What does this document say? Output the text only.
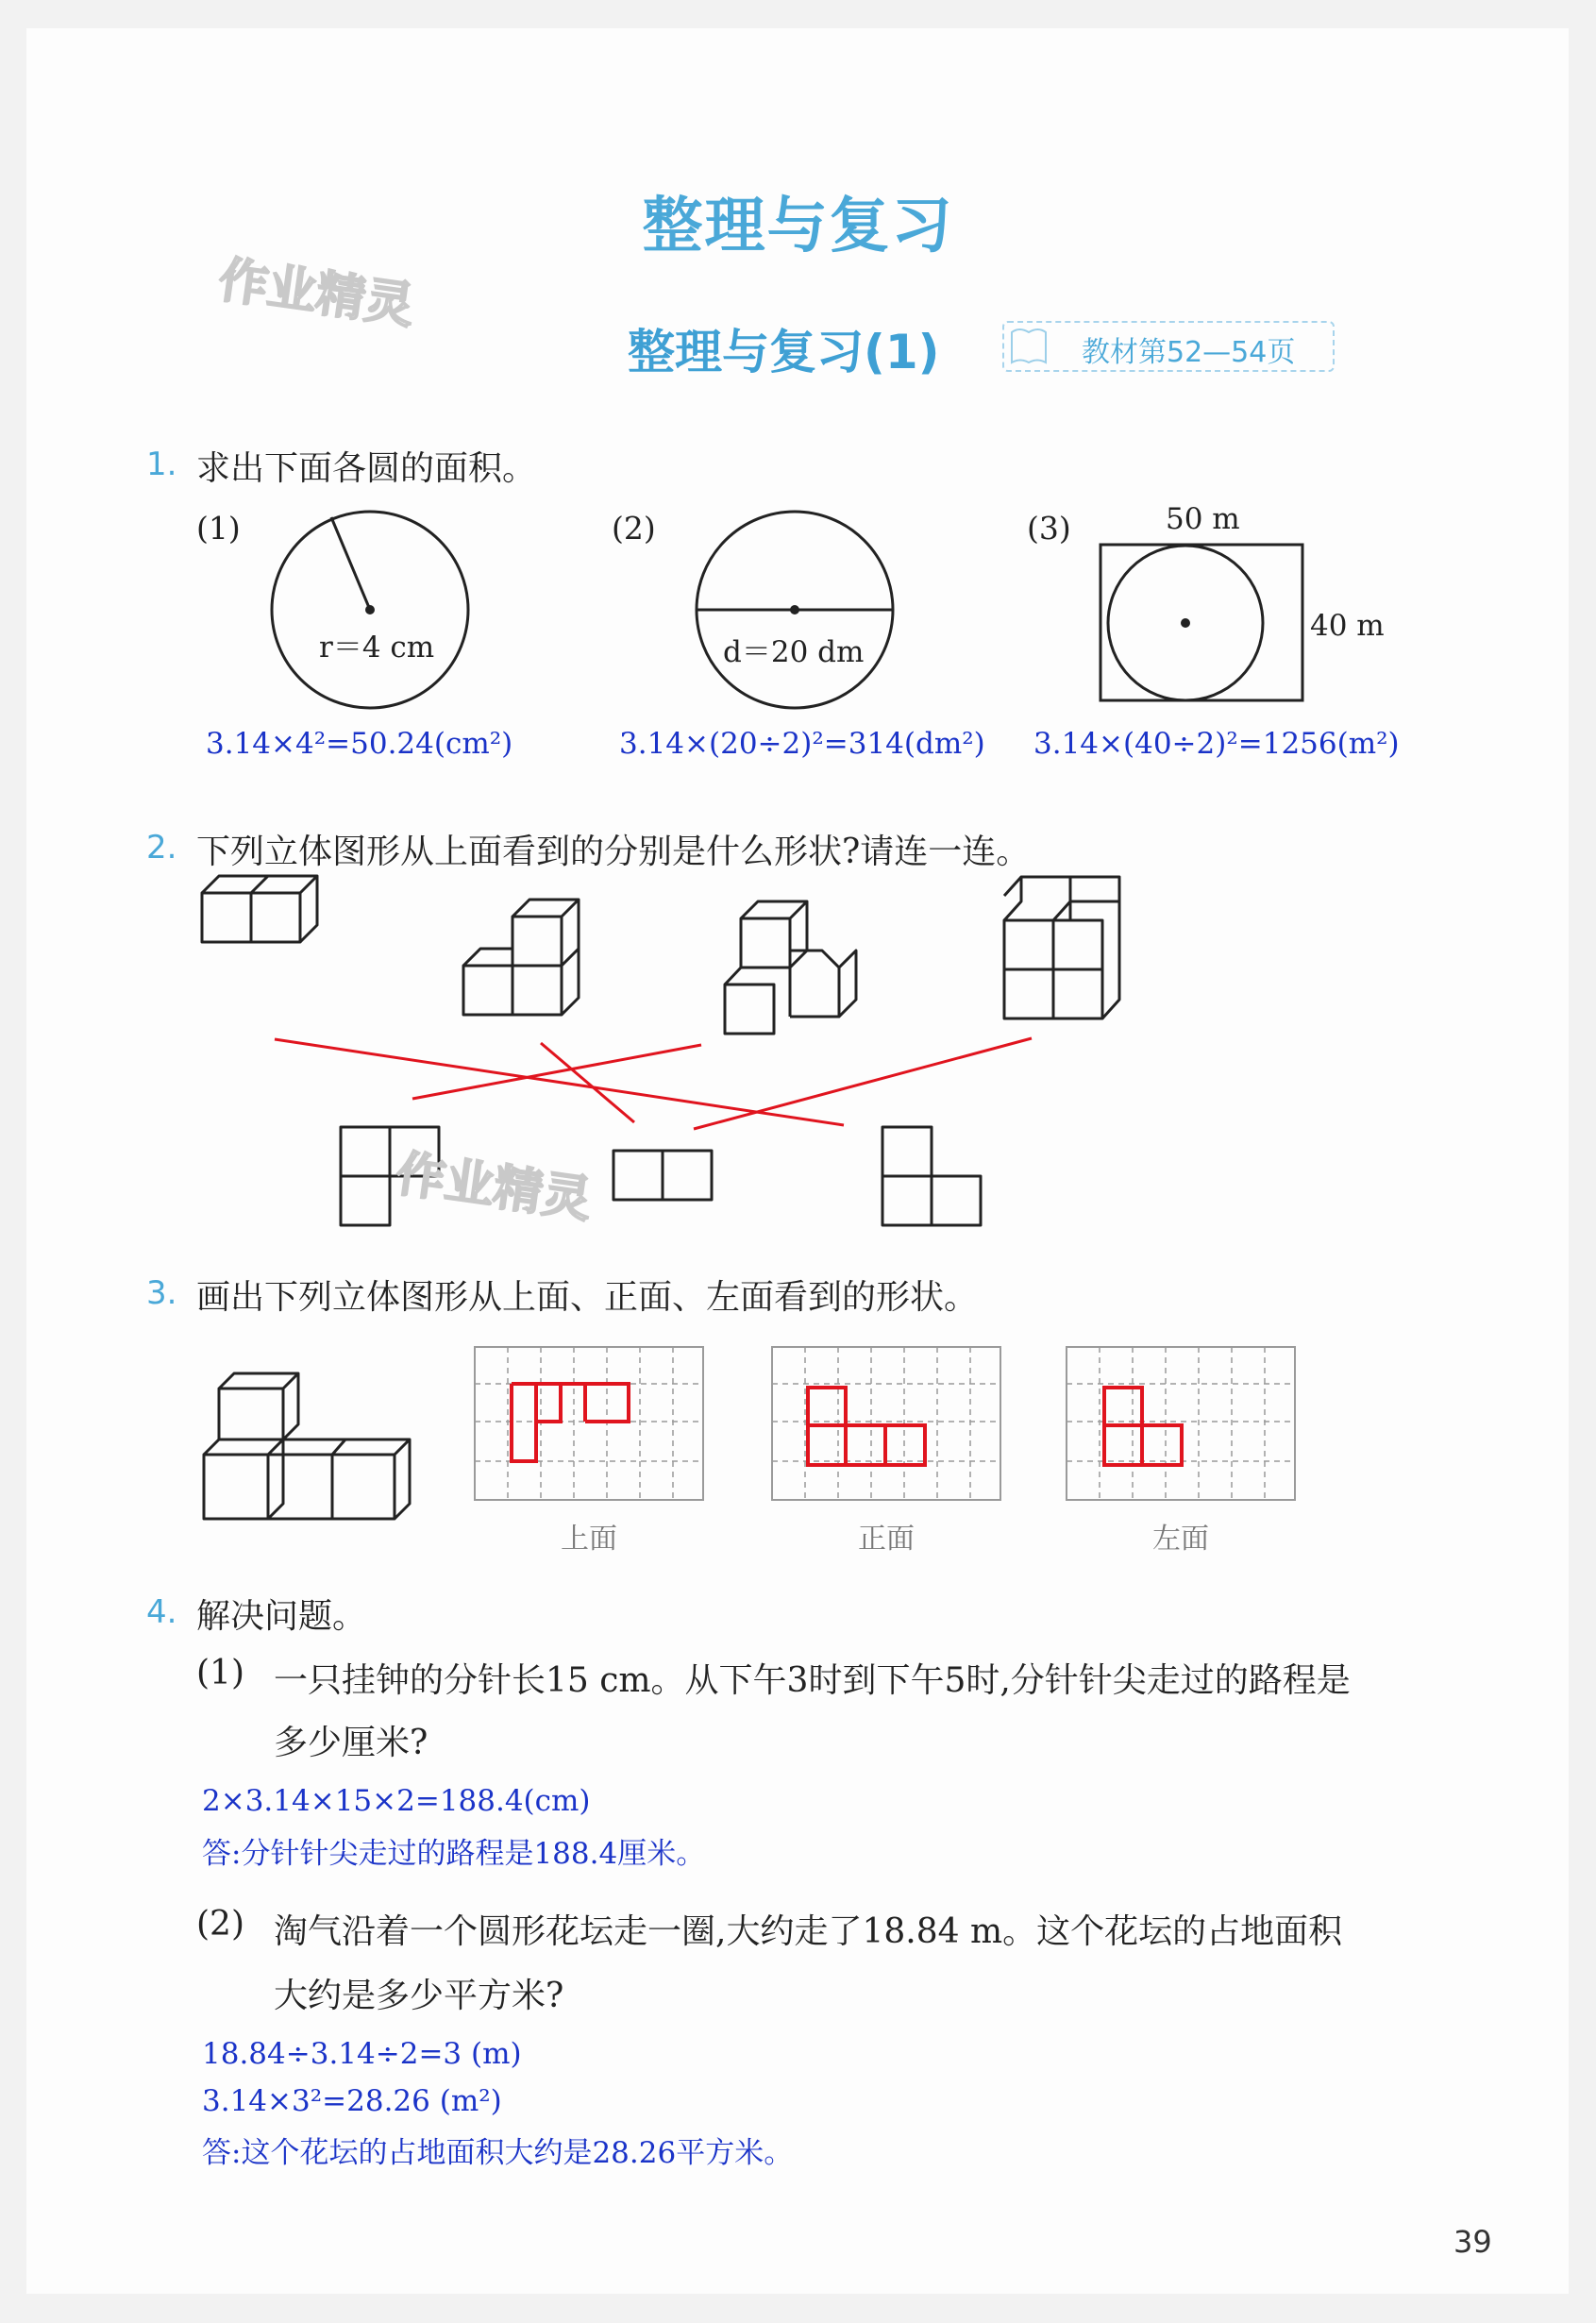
整理与复习
作业精灵
整理与复习(1)	教材第52—54页
1. 求出下面各圆的面积。
(1)	(2)	(3)
r＝4 cm	d＝20 dm
50 m
40 m
3.14×4²=50.24(cm²)	3.14×(20÷2)²=314(dm²) 3.14×(40÷2)²=1256(m²)
2. 下列立体图形从上面看到的分别是什么形状?请连一连。
作业精灵
3. 画出下列立体图形从上面、正面、左面看到的形状。
上面	正面	左面
4. 解决问题。
(1) 一只挂钟的分针长15 cm。从下午3时到下午5时,分针针尖走过的路程是
多少厘米?
2×3.14×15×2=188.4(cm)
答:分针针尖走过的路程是188.4厘米。
(2) 淘气沿着一个圆形花坛走一圈,大约走了18.84 m。这个花坛的占地面积
大约是多少平方米?
18.84÷3.14÷2=3 (m)
3.14×3²=28.26 (m²)
答:这个花坛的占地面积大约是28.26平方米。
39
